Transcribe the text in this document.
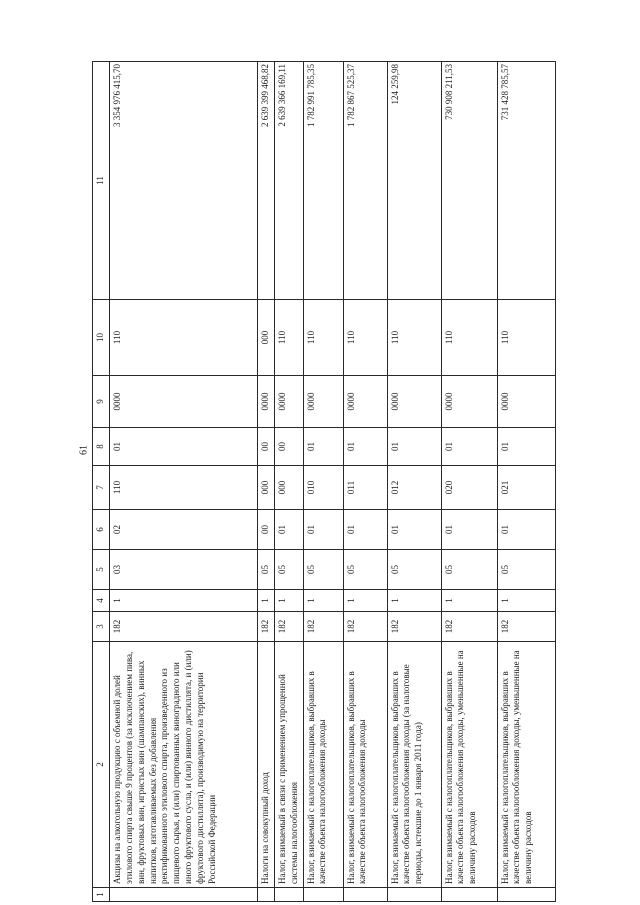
61
1	2	3	4	5	6	7	8	9	10	11
	Акцизы на алкогольную продукцию с объемной долей этилового спирта свыше 9 процентов (за исключением пива, вин, фруктовых вин, игристых вин (шампанских), винных напитков, изготавливаемых без добавления ректификованного этилового спирта, произведенного из пищевого сырья, и (или) спиртованных виноградного или иного фруктового сусла, и (или) винного дистиллята, и (или) фруктового дистиллята), производимую на территории Российской Федерации	182	1	03	02	110	01	0000	110	3 354 976 415,70
	Налоги на совокупный доход	182	1	05	00	000	00	0000	000	2 639 399 468,82
	Налог, взимаемый в связи с применением упрощенной системы налогообложения	182	1	05	01	000	00	0000	110	2 639 366 169,11
	Налог, взимаемый с налогоплательщиков, выбравших в качестве объекта налогообложения доходы	182	1	05	01	010	01	0000	110	1 782 991 785,35
	Налог, взимаемый с налогоплательщиков, выбравших в качестве объекта налогообложения доходы	182	1	05	01	011	01	0000	110	1 782 867 525,37
	Налог, взимаемый с налогоплательщиков, выбравших в качестве объекта налогообложения доходы (за налоговые периоды, истекшие до 1 января 2011 года)	182	1	05	01	012	01	0000	110	124 259,98
	Налог, взимаемый с налогоплательщиков, выбравших в качестве объекта налогообложения доходы, уменьшенные на величину расходов	182	1	05	01	020	01	0000	110	730 908 211,53
	Налог, взимаемый с налогоплательщиков, выбравших в качестве объекта налогообложения доходы, уменьшенные на величину расходов	182	1	05	01	021	01	0000	110	731 428 785,57
